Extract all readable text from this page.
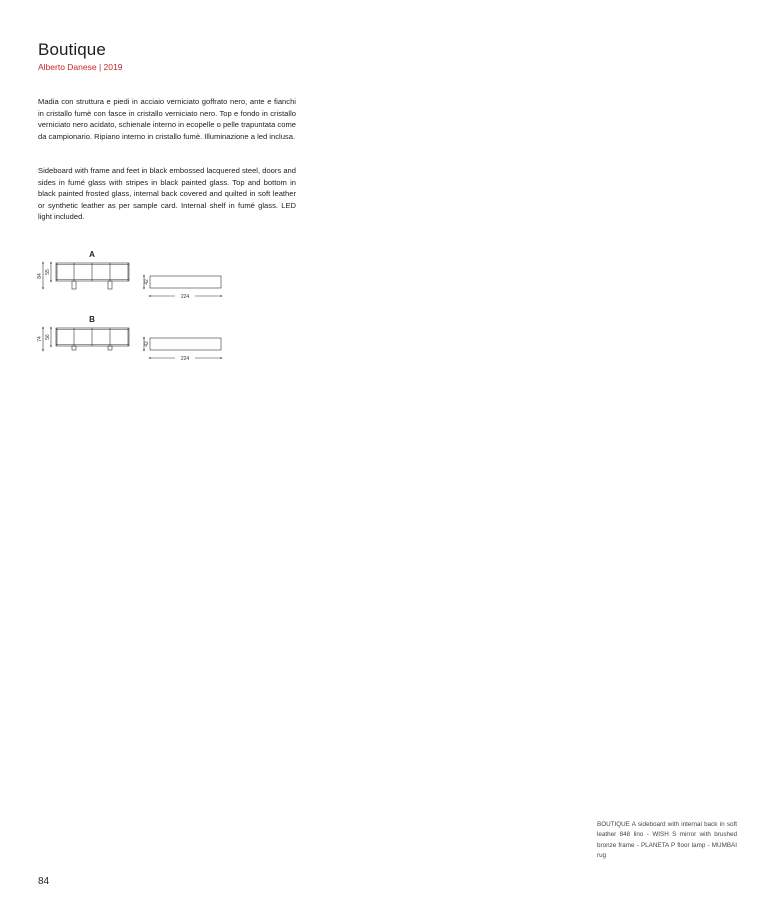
Boutique
Alberto Danese | 2019
Madia con struttura e piedi in acciaio verniciato goffrato nero, ante e fianchi in cristallo fumè con fasce in cristallo verniciato nero. Top e fondo in cristallo verniciato nero acidato, schienale interno in ecopelle o pelle trapuntata come da campionario. Ripiano interno in cristallo fumè. Illuminazione a led inclusa.
Sideboard with frame and feet in black embossed lacquered steel, doors and sides in fumé glass with stripes in black painted glass. Top and bottom in black painted frosted glass, internal back covered and quilted in soft leather or synthetic leather as per sample card. Internal shelf in fumé glass. LED light included.
A
84
55
42
224
B
74 56
42
224
BOUTIQUE A sideboard with internal back in soft leather 848 lino - WISH S mirror with brushed bronze frame - PLANETA P floor lamp - MUMBAI rug
84
